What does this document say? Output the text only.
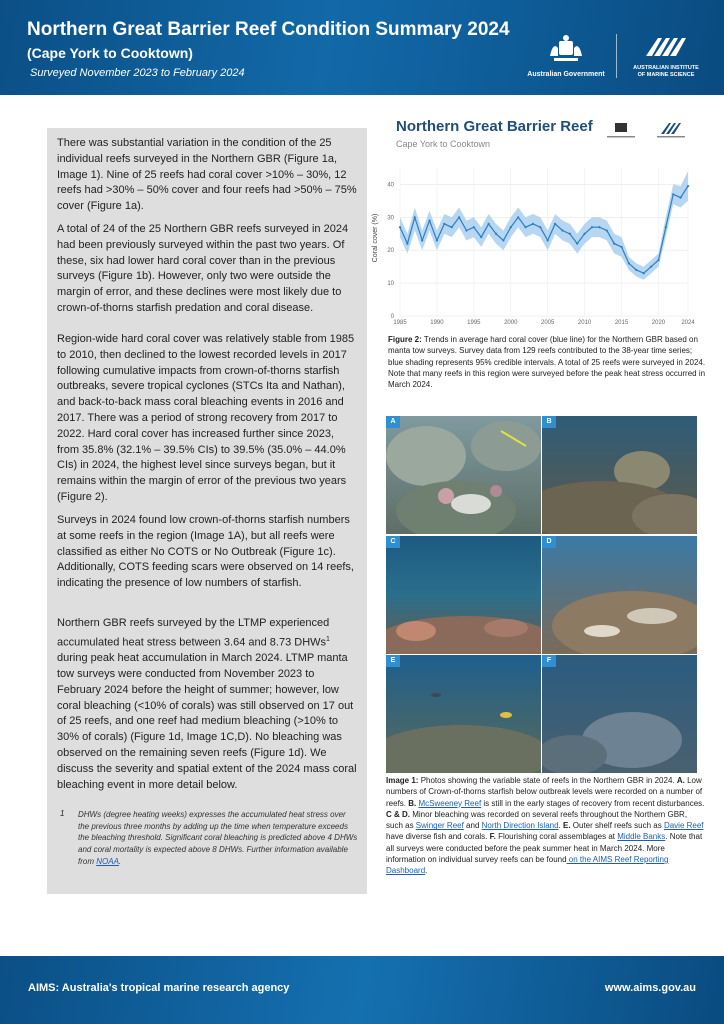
Northern Great Barrier Reef Condition Summary 2024
(Cape York to Cooktown)
Surveyed November 2023 to February 2024	Australian Government
AUSTRALIAN INSTITUTE
OF MARINE SCIENCE

There was substantial variation in the condition of the 25 individual reefs surveyed in the Northern GBR (Figure 1a, Image 1). Nine of 25 reefs had coral cover >10% – 30%, 12 reefs had >30% – 50% cover and four reefs had >50% – 75% cover (Figure 1a).

A total of 24 of the 25 Northern GBR reefs surveyed in 2024 had been previously surveyed within the past two years. Of these, six had lower hard coral cover than in the previous surveys (Figure 1b). However, only two were outside the margin of error, and these declines were most likely due to crown-of-thorns starfish predation and coral disease.

Region-wide hard coral cover was relatively stable from 1985 to 2010, then declined to the lowest recorded levels in 2017 following cumulative impacts from crown-of-thorns starfish outbreaks, severe tropical cyclones (STCs Ita and Nathan), and back-to-back mass coral bleaching events in 2016 and 2017. There was a period of strong recovery from 2017 to 2022. Hard coral cover has increased further since 2023, from 35.8% (32.1% – 39.5% CIs) to 39.5% (35.0% – 44.0% CIs) in 2024, the highest level since surveys began, but it remains within the margin of error of the previous two years (Figure 2).

Surveys in 2024 found low crown-of-thorns starfish numbers at some reefs in the region (Image 1A), but all reefs were classified as either No COTS or No Outbreak (Figure 1c). Additionally, COTS feeding scars were observed on 14 reefs, indicating the presence of low numbers of starfish.

Northern GBR reefs surveyed by the LTMP experienced accumulated heat stress between 3.64 and 8.73 DHWs$^1$ during peak heat accumulation in March 2024. LTMP manta tow surveys were conducted from November 2023 to February 2024 before the height of summer; however, low coral bleaching (<10% of corals) was still observed on 17 out of 25 reefs, and one reef had medium bleaching (>10% to 30% of corals) (Figure 1d, Image 1C,D). No bleaching was observed on the remaining seven reefs (Figure 1d). We discuss the severity and spatial extent of the 2024 mass coral bleaching event in more detail below.

1 DHWs (degree heating weeks) expresses the accumulated heat stress over the previous three months by adding up the time when temperature exceeds the bleaching threshold. Significant coral bleaching is predicted above 4 DHWs and coral mortality is expected above 8 DHWs. Further information available from NOAA.
Northern Great Barrier Reef
Cape York to Cooktown
0
10
20
30
40
1985	1990	1995	2000	2005	2010	2015	2020	2024
Coral cover (%)
Figure 2: Trends in average hard coral cover (blue line) for the Northern GBR based on manta tow surveys. Survey data from 129 reefs contributed to the 38-year time series; blue shading represents 95% credible intervals. A total of 25 reefs were surveyed in 2024. Note that many reefs in this region were surveyed before the peak heat stress occurred in March 2024.
A	B
C	D
E	F
Image 1: Photos showing the variable state of reefs in the Northern GBR in 2024. A. Low numbers of Crown-of-thorns starfish below outbreak levels were recorded on a number of reefs. B. McSweeney Reef is still in the early stages of recovery from recent disturbances. C & D. Minor bleaching was recorded on several reefs throughout the Northern GBR, such as Swinger Reef and North Direction Island. E. Outer shelf reefs such as Davie Reef have diverse fish and corals. F. Flourishing coral assemblages at Middle Banks. Note that all surveys were conducted before the peak summer heat in March 2024. More information on individual survey reefs can be found on the AIMS Reef Reporting Dashboard.
AIMS: Australia's tropical marine research agency	www.aims.gov.au
